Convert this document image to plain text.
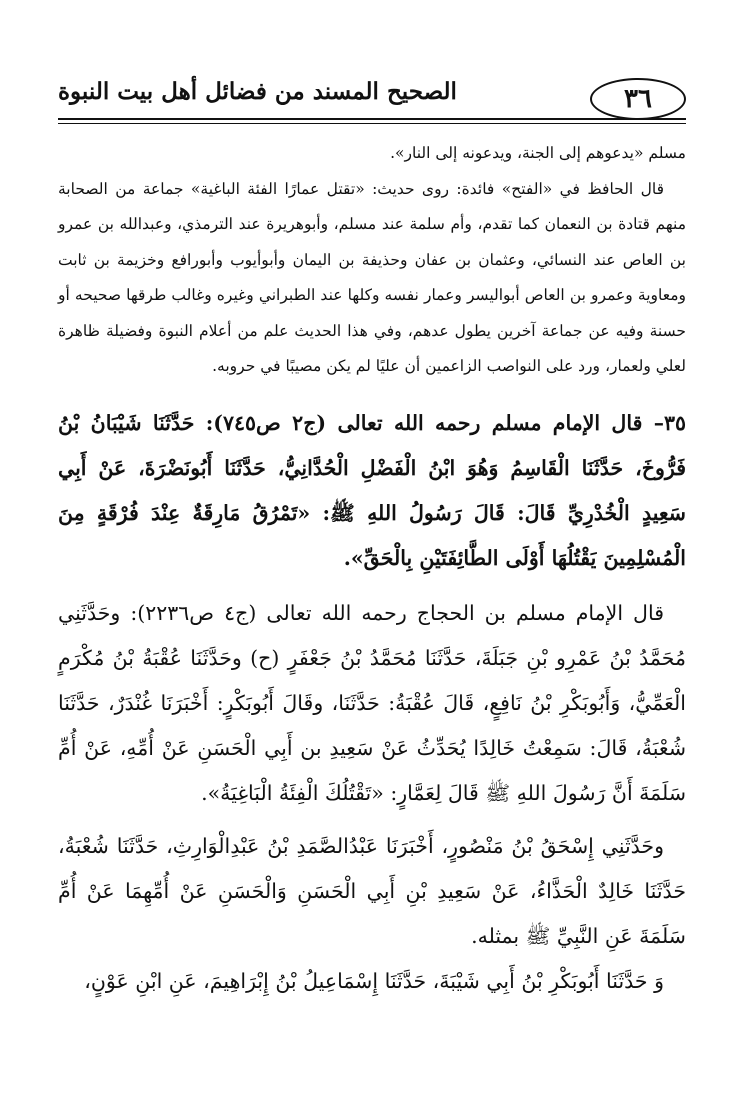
٣٦
الصحيح المسند من فضائل أهل بيت النبوة

مسلم «يدعوهم إلى الجنة، ويدعونه إلى النار».

قال الحافظ في «الفتح» فائدة: روى حديث: «تقتل عمارًا الفئة الباغية» جماعة من الصحابة منهم قتادة بن النعمان كما تقدم، وأم سلمة عند مسلم، وأبوهريرة عند الترمذي، وعبدالله بن عمرو بن العاص عند النسائي، وعثمان بن عفان وحذيفة بن اليمان وأبوأيوب وأبورافع وخزيمة بن ثابت ومعاوية وعمرو بن العاص أبواليسر وعمار نفسه وكلها عند الطبراني وغيره وغالب طرقها صحيحه أو حسنة وفيه عن جماعة آخرين يطول عدهم، وفي هذا الحديث علم من أعلام النبوة وفضيلة ظاهرة لعلي ولعمار، ورد على النواصب الزاعمين أن عليًا لم يكن مصيبًا في حروبه.

٣٥– قال الإمام مسلم رحمه الله تعالى (ج٢ ص٧٤٥): حَدَّثَنَا شَيْبَانُ بْنُ فَرُّوخَ، حَدَّثَنَا الْقَاسِمُ وَهُوَ ابْنُ الْفَضْلِ الْحُدَّانِيُّ، حَدَّثَنَا أَبُونَضْرَةَ، عَنْ أَبِي سَعِيدٍ الْخُدْرِيِّ قَالَ: قَالَ رَسُولُ اللهِ ﷺ: «تَمْرُقُ مَارِقَةٌ عِنْدَ فُرْقَةٍ مِنَ الْمُسْلِمِينَ يَقْتُلُهَا أَوْلَى الطَّائِفَتَيْنِ بِالْحَقِّ».

قال الإمام مسلم بن الحجاج رحمه الله تعالى (ج٤ ص٢٢٣٦): وحَدَّثَنِي مُحَمَّدُ بْنُ عَمْرِو بْنِ جَبَلَةَ، حَدَّثَنَا مُحَمَّدُ بْنُ جَعْفَرٍ (ح) وحَدَّثَنَا عُقْبَةُ بْنُ مُكْرَمٍ الْعَمِّيُّ، وَأَبُوبَكْرِ بْنُ نَافِعٍ، قَالَ عُقْبَةُ: حَدَّثَنَا، وقَالَ أَبُوبَكْرٍ: أَخْبَرَنَا غُنْدَرٌ، حَدَّثَنَا شُعْبَةُ، قَالَ: سَمِعْتُ خَالِدًا يُحَدِّثُ عَنْ سَعِيدِ بن أَبِي الْحَسَنِ عَنْ أُمِّهِ، عَنْ أُمِّ سَلَمَةَ أَنَّ رَسُولَ اللهِ ﷺ قَالَ لِعَمَّارٍ: «تَقْتُلُكَ الْفِئَةُ الْبَاغِيَةُ».

وحَدَّثَنِي إِسْحَقُ بْنُ مَنْصُورٍ، أَخْبَرَنَا عَبْدُالصَّمَدِ بْنُ عَبْدِالْوَارِثِ، حَدَّثَنَا شُعْبَةُ، حَدَّثَنَا خَالِدٌ الْحَذَّاءُ، عَنْ سَعِيدِ بْنِ أَبِي الْحَسَنِ وَالْحَسَنِ عَنْ أُمِّهِمَا عَنْ أُمِّ سَلَمَةَ عَنِ النَّبِيِّ ﷺ بمثله.

وَ حَدَّثَنَا أَبُوبَكْرِ بْنُ أَبِي شَيْبَةَ، حَدَّثَنَا إِسْمَاعِيلُ بْنُ إِبْرَاهِيمَ، عَنِ ابْنِ عَوْنٍ،
